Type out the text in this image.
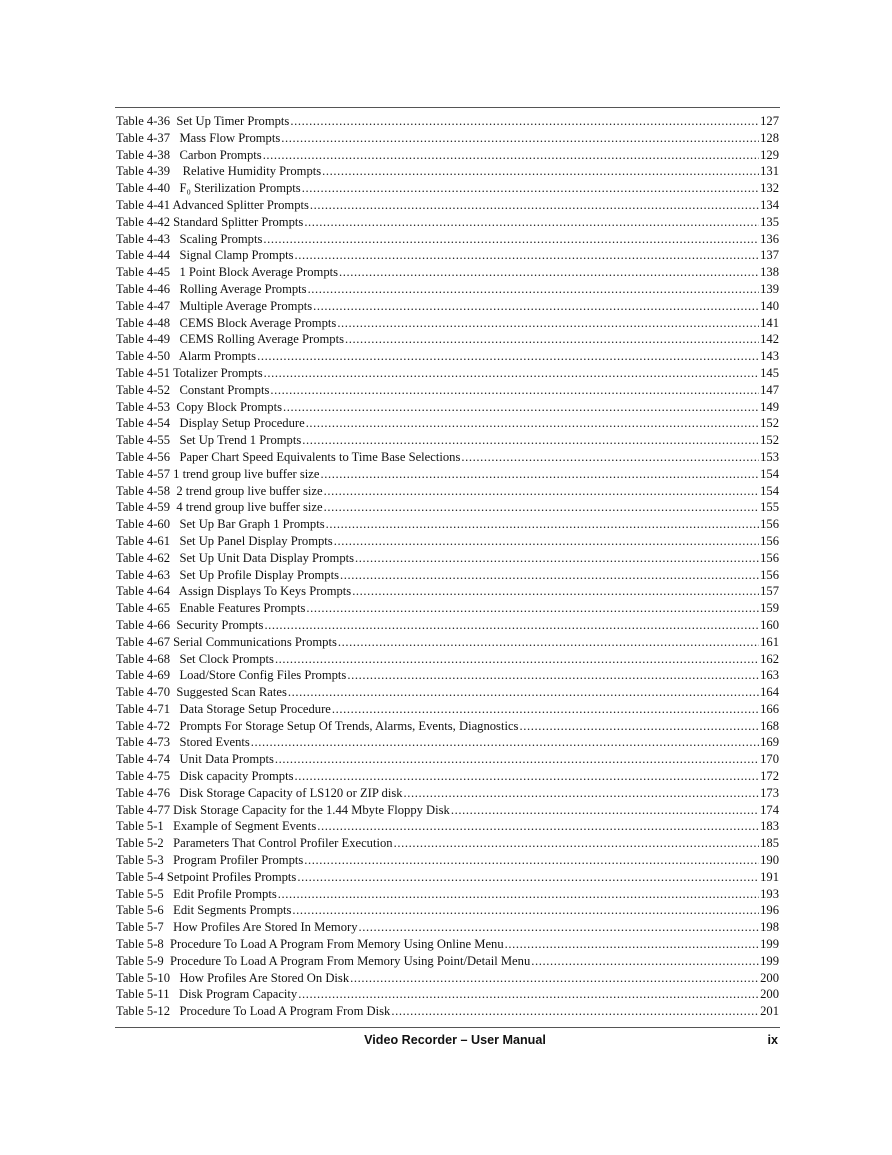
Table 4-36  Set Up Timer Prompts .....	127
Table 4-37   Mass Flow Prompts .....	128
Table 4-38   Carbon Prompts .....	129
Table 4-39    Relative Humidity Prompts .....	131
Table 4-40   F₀ Sterilization Prompts .....	132
Table 4-41 Advanced Splitter Prompts .....	134
Table 4-42 Standard Splitter Prompts .....	135
Table 4-43   Scaling Prompts .....	136
Table 4-44   Signal Clamp Prompts .....	137
Table 4-45   1 Point Block Average Prompts .....	138
Table 4-46   Rolling Average Prompts .....	139
Table 4-47   Multiple Average Prompts .....	140
Table 4-48   CEMS Block Average Prompts .....	141
Table 4-49   CEMS Rolling Average Prompts .....	142
Table 4-50   Alarm Prompts .....	143
Table 4-51 Totalizer Prompts .....	145
Table 4-52   Constant Prompts .....	147
Table 4-53  Copy Block Prompts .....	149
Table 4-54   Display Setup Procedure .....	152
Table 4-55   Set Up Trend 1 Prompts .....	152
Table 4-56   Paper Chart Speed Equivalents to Time Base Selections .....	153
Table 4-57 1 trend group live buffer size .....	154
Table 4-58  2 trend group live buffer size .....	154
Table 4-59  4 trend group live buffer size .....	155
Table 4-60   Set Up Bar Graph 1 Prompts .....	156
Table 4-61   Set Up Panel Display Prompts .....	156
Table 4-62   Set Up Unit Data Display Prompts .....	156
Table 4-63   Set Up Profile Display Prompts .....	156
Table 4-64   Assign Displays To Keys Prompts .....	157
Table 4-65   Enable Features Prompts .....	159
Table 4-66  Security Prompts .....	160
Table 4-67 Serial Communications Prompts .....	161
Table 4-68   Set Clock Prompts .....	162
Table 4-69   Load/Store Config Files Prompts .....	163
Table 4-70  Suggested Scan Rates .....	164
Table 4-71   Data Storage Setup Procedure .....	166
Table 4-72   Prompts For Storage Setup Of Trends, Alarms, Events, Diagnostics .....	168
Table 4-73   Stored Events .....	169
Table 4-74   Unit Data Prompts .....	170
Table 4-75   Disk capacity Prompts .....	172
Table 4-76   Disk Storage Capacity of LS120 or ZIP disk .....	173
Table 4-77 Disk Storage Capacity for the 1.44 Mbyte Floppy Disk .....	174
Table 5-1   Example of Segment Events .....	183
Table 5-2   Parameters That Control Profiler Execution .....	185
Table 5-3   Program Profiler Prompts .....	190
Table 5-4 Setpoint Profiles Prompts .....	191
Table 5-5   Edit Profile Prompts .....	193
Table 5-6   Edit Segments Prompts .....	196
Table 5-7   How Profiles Are Stored In Memory .....	198
Table 5-8  Procedure To Load A Program From Memory Using Online Menu .....	199
Table 5-9  Procedure To Load A Program From Memory Using Point/Detail Menu .....	199
Table 5-10   How Profiles Are Stored On Disk .....	200
Table 5-11   Disk Program Capacity .....	200
Table 5-12   Procedure To Load A Program From Disk .....	201
Video Recorder – User Manual	ix
